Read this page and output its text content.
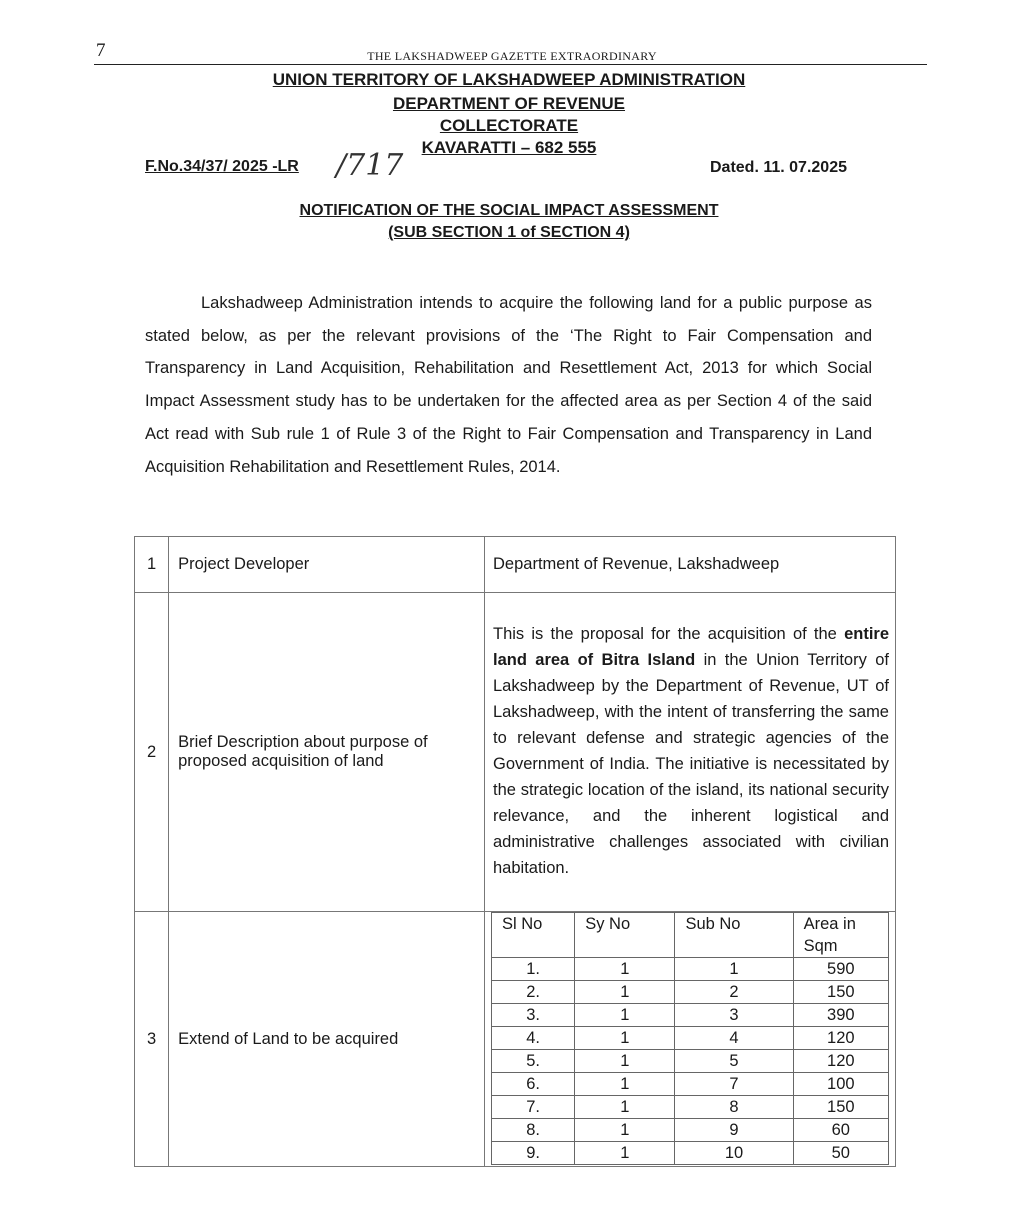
7	THE LAKSHADWEEP GAZETTE EXTRAORDINARY
UNION TERRITORY OF LAKSHADWEEP ADMINISTRATION
DEPARTMENT OF REVENUE
COLLECTORATE
KAVARATTI – 682 555
F.No.34/37/ 2025 -LR /717	Dated. 11. 07.2025
NOTIFICATION OF THE SOCIAL IMPACT ASSESSMENT
(SUB SECTION 1 of SECTION 4)
Lakshadweep Administration intends to acquire the following land for a public purpose as stated below, as per the relevant provisions of the ‘The Right to Fair Compensation and Transparency in Land Acquisition, Rehabilitation and Resettlement Act, 2013 for which Social Impact Assessment study has to be undertaken for the affected area as per Section 4 of the said Act read with Sub rule 1 of Rule 3 of the Right to Fair Compensation and Transparency in Land Acquisition Rehabilitation and Resettlement Rules, 2014.
1	Project Developer	Department of Revenue, Lakshadweep
2	Brief Description about purpose of proposed acquisition of land	This is the proposal for the acquisition of the entire land area of Bitra Island in the Union Territory of Lakshadweep by the Department of Revenue, UT of Lakshadweep, with the intent of transferring the same to relevant defense and strategic agencies of the Government of India. The initiative is necessitated by the strategic location of the island, its national security relevance, and the inherent logistical and administrative challenges associated with civilian habitation.
3	Extend of Land to be acquired	
Sl No	Sy No	Sub No	Area in Sqm
1.	1	1	590
2.	1	2	150
3.	1	3	390
4.	1	4	120
5.	1	5	120
6.	1	7	100
7.	1	8	150
8.	1	9	60
9.	1	10	50
